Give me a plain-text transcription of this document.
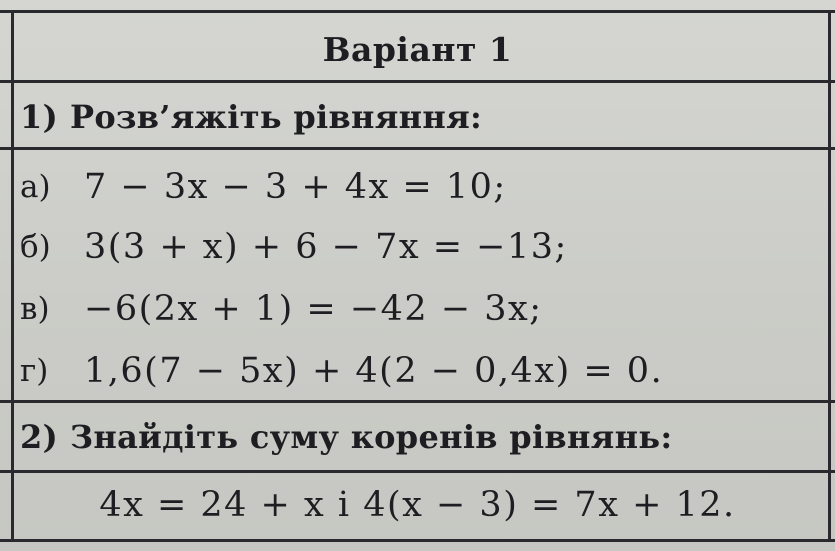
Варіант 1
1) Розв’яжіть рівняння:
а) 7 − 3x − 3 + 4x = 10;
б) 3(3 + x) + 6 − 7x = −13;
в) −6(2x + 1) = −42 − 3x;
г)	1,6(7 − 5x) + 4(2 − 0,4x) = 0.
2) Знайдіть суму коренів рівнянь:
4x = 24 + x і 4(x − 3) = 7x + 12.
